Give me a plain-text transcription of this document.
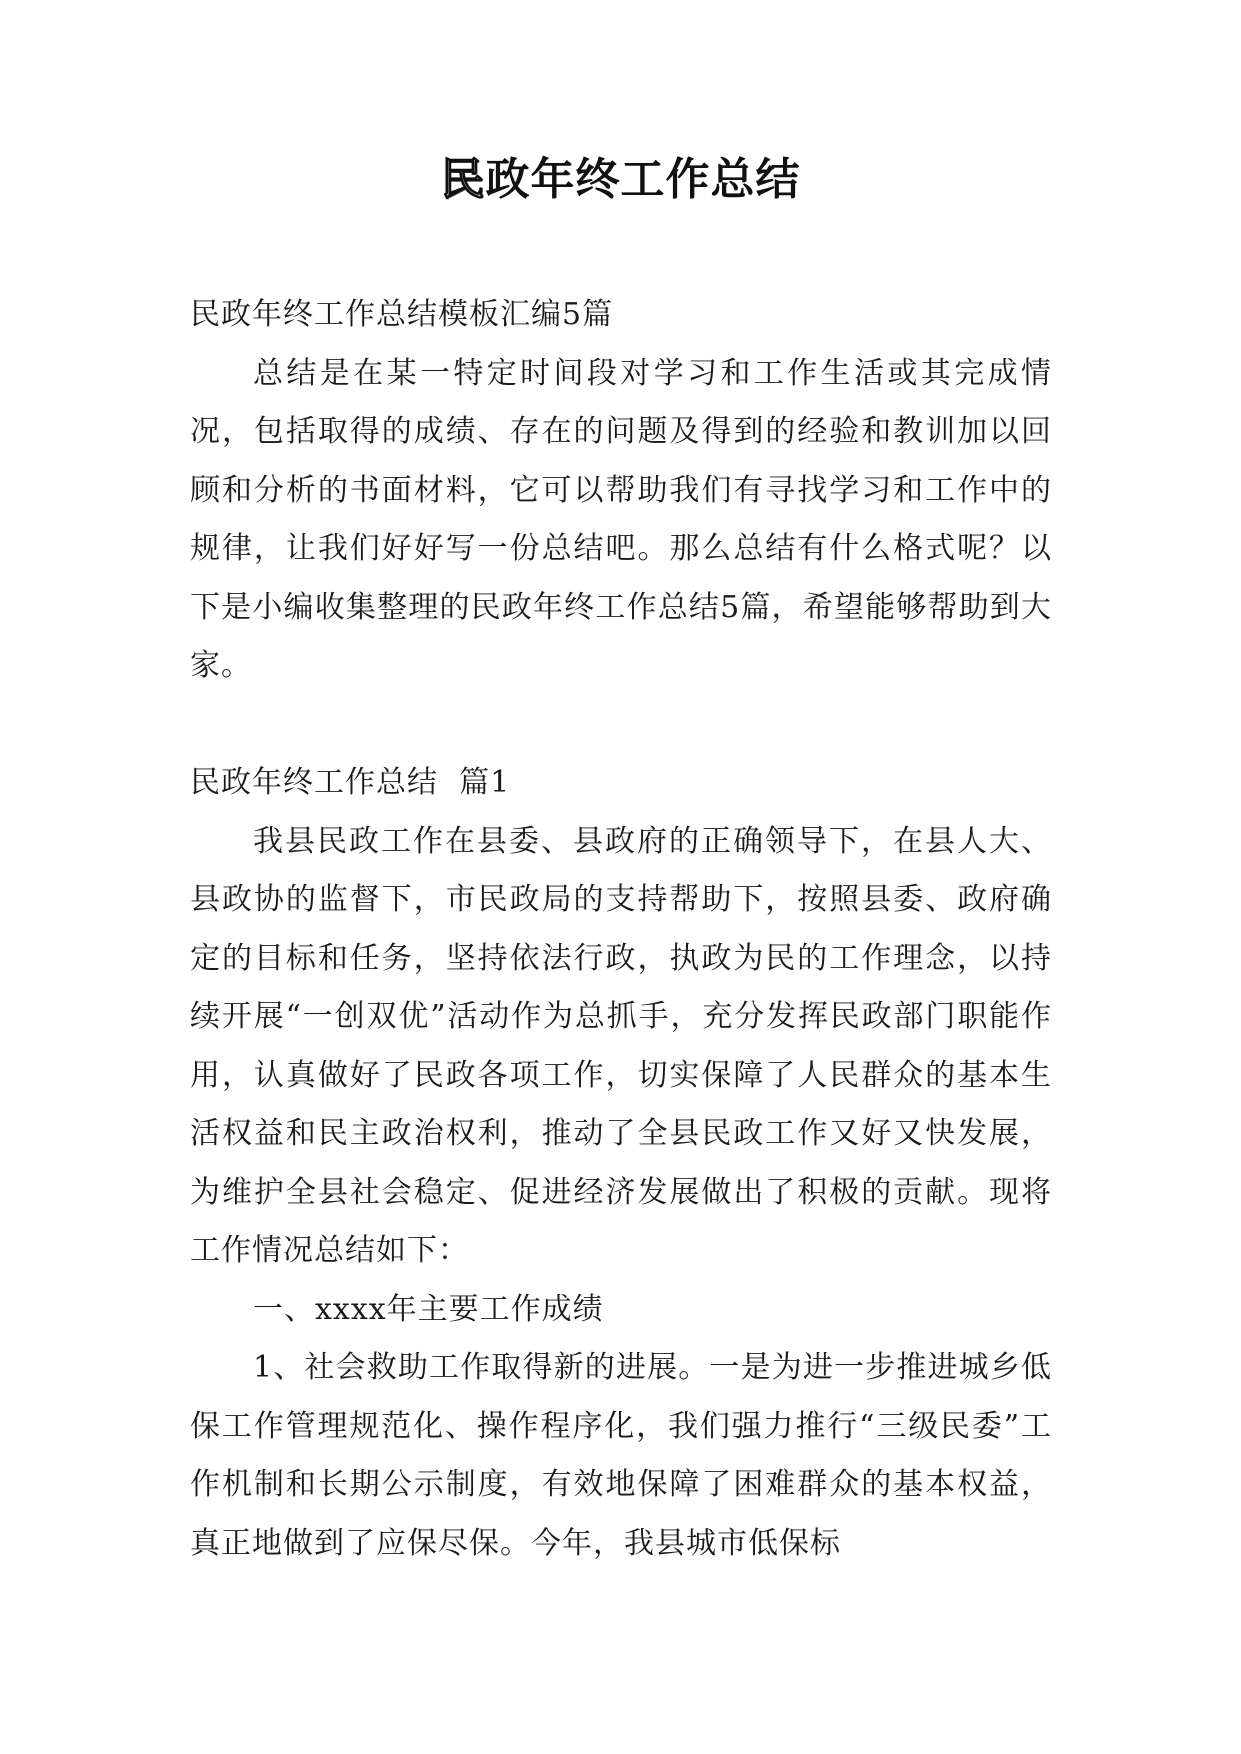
民政年终工作总结

民政年终工作总结模板汇编5篇

总结是在某一特定时间段对学习和工作生活或其完成情况，包括取得的成绩、存在的问题及得到的经验和教训加以回顾和分析的书面材料，它可以帮助我们有寻找学习和工作中的规律，让我们好好写一份总结吧。那么总结有什么格式呢？以下是小编收集整理的民政年终工作总结5篇，希望能够帮助到大家。

民政年终工作总结  篇1

我县民政工作在县委、县政府的正确领导下，在县人大、县政协的监督下，市民政局的支持帮助下，按照县委、政府确定的目标和任务，坚持依法行政，执政为民的工作理念，以持续开展“一创双优”活动作为总抓手，充分发挥民政部门职能作用，认真做好了民政各项工作，切实保障了人民群众的基本生活权益和民主政治权利，推动了全县民政工作又好又快发展，为维护全县社会稳定、促进经济发展做出了积极的贡献。现将工作情况总结如下：

一、xxxx年主要工作成绩

1、社会救助工作取得新的进展。一是为进一步推进城乡低保工作管理规范化、操作程序化，我们强力推行“三级民委”工作机制和长期公示制度，有效地保障了困难群众的基本权益，真正地做到了应保尽保。今年，我县城市低保标
